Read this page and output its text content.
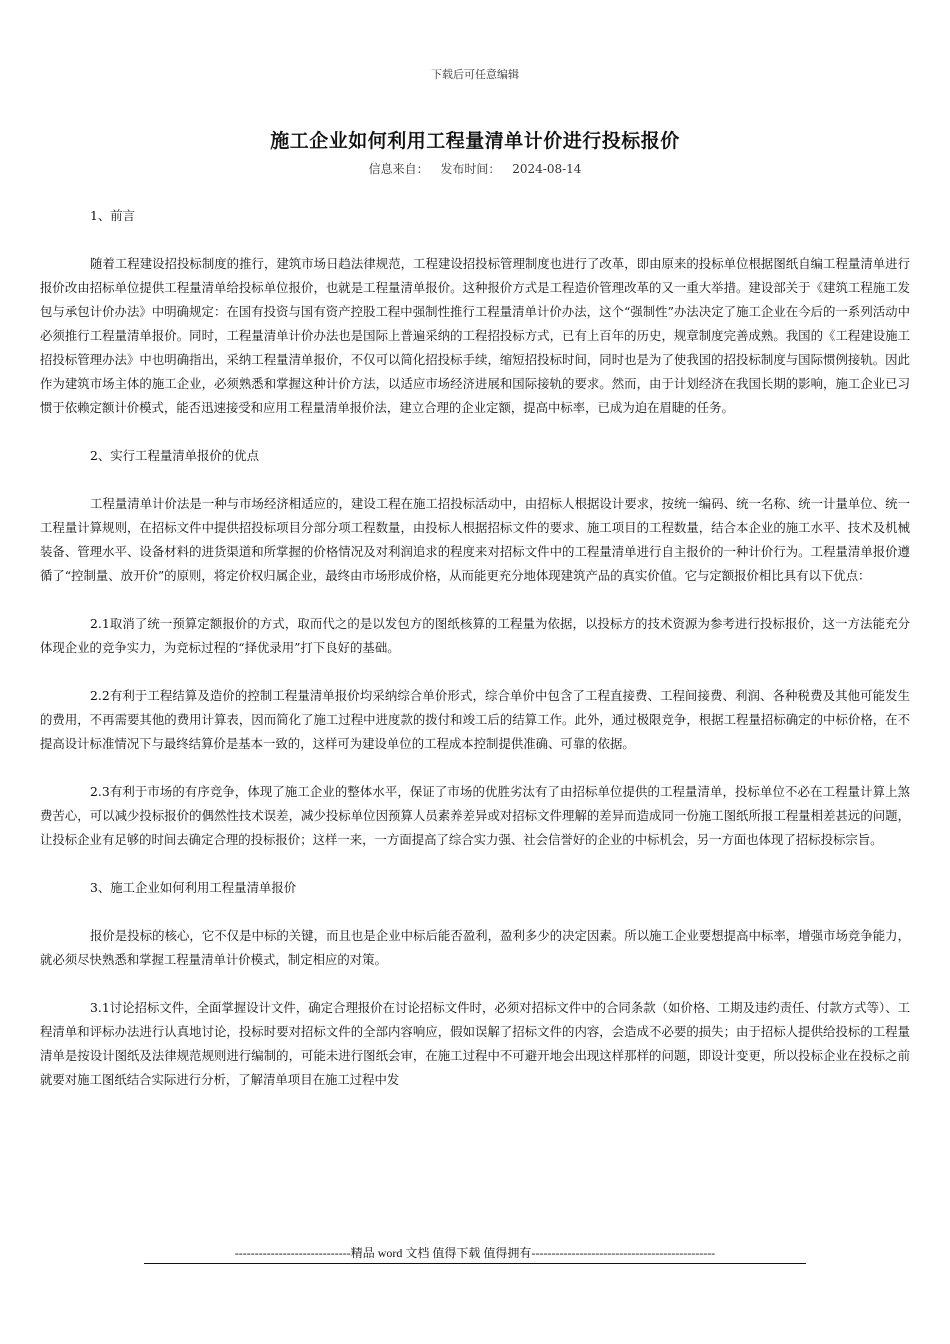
下载后可任意编辑
施工企业如何利用工程量清单计价进行投标报价
信息来自： 发布时间： 2024-08-14

1、前言

随着工程建设招投标制度的推行，建筑市场日趋法律规范，工程建设招投标管理制度也进行了改革，即由原来的投标单位根据图纸自编工程量清单进行报价改由招标单位提供工程量清单给投标单位报价，也就是工程量清单报价。这种报价方式是工程造价管理改革的又一重大举措。建设部关于《建筑工程施工发包与承包计价办法》中明确规定：在国有投资与国有资产控股工程中强制性推行工程量清单计价办法，这个“强制性”办法决定了施工企业在今后的一系列活动中必须推行工程量清单报价。同时，工程量清单计价办法也是国际上普遍采纳的工程招投标方式，已有上百年的历史，规章制度完善成熟。我国的《工程建设施工招投标管理办法》中也明确指出，采纳工程量清单报价，不仅可以简化招投标手续，缩短招投标时间，同时也是为了使我国的招投标制度与国际惯例接轨。因此作为建筑市场主体的施工企业，必须熟悉和掌握这种计价方法，以适应市场经济进展和国际接轨的要求。然而，由于计划经济在我国长期的影响，施工企业已习惯于依赖定额计价模式，能否迅速接受和应用工程量清单报价法，建立合理的企业定额，提高中标率，已成为迫在眉睫的任务。

2、实行工程量清单报价的优点

工程量清单计价法是一种与市场经济相适应的，建设工程在施工招投标活动中，由招标人根据设计要求，按统一编码、统一名称、统一计量单位、统一工程量计算规则，在招标文件中提供招投标项目分部分项工程数量，由投标人根据招标文件的要求、施工项目的工程数量，结合本企业的施工水平、技术及机械装备、管理水平、设备材料的进货渠道和所掌握的价格情况及对利润追求的程度来对招标文件中的工程量清单进行自主报价的一种计价行为。工程量清单报价遵循了“控制量、放开价”的原则，将定价权归属企业，最终由市场形成价格，从而能更充分地体现建筑产品的真实价值。它与定额报价相比具有以下优点：

2.1取消了统一预算定额报价的方式，取而代之的是以发包方的图纸核算的工程量为依据，以投标方的技术资源为参考进行投标报价，这一方法能充分体现企业的竞争实力，为竞标过程的“择优录用”打下良好的基础。

2.2有利于工程结算及造价的控制工程量清单报价均采纳综合单价形式，综合单价中包含了工程直接费、工程间接费、利润、各种税费及其他可能发生的费用，不再需要其他的费用计算表，因而简化了施工过程中进度款的拨付和竣工后的结算工作。此外，通过极限竞争，根据工程量招标确定的中标价格，在不提高设计标准情况下与最终结算价是基本一致的，这样可为建设单位的工程成本控制提供准确、可靠的依据。

2.3有利于市场的有序竞争，体现了施工企业的整体水平，保证了市场的优胜劣汰有了由招标单位提供的工程量清单，投标单位不必在工程量计算上煞费苦心，可以减少投标报价的偶然性技术误差，减少投标单位因预算人员素养差异或对招标文件理解的差异而造成同一份施工图纸所报工程量相差甚远的问题，让投标企业有足够的时间去确定合理的投标报价；这样一来，一方面提高了综合实力强、社会信誉好的企业的中标机会，另一方面也体现了招标投标宗旨。

3、施工企业如何利用工程量清单报价

报价是投标的核心，它不仅是中标的关键，而且也是企业中标后能否盈利，盈利多少的决定因素。所以施工企业要想提高中标率，增强市场竞争能力，就必须尽快熟悉和掌握工程量清单计价模式，制定相应的对策。

3.1讨论招标文件，全面掌握设计文件，确定合理报价在讨论招标文件时，必须对招标文件中的合同条款（如价格、工期及违约责任、付款方式等）、工程清单和评标办法进行认真地讨论，投标时要对招标文件的全部内容响应，假如误解了招标文件的内容，会造成不必要的损失；由于招标人提供给投标的工程量清单是按设计图纸及法律规范规则进行编制的，可能未进行图纸会审，在施工过程中不可避开地会出现这样那样的问题，即设计变更，所以投标企业在投标之前就要对施工图纸结合实际进行分析，了解清单项目在施工过程中发

-----------------------------精品 word 文档 值得下载 值得拥有----------------------------------------------
